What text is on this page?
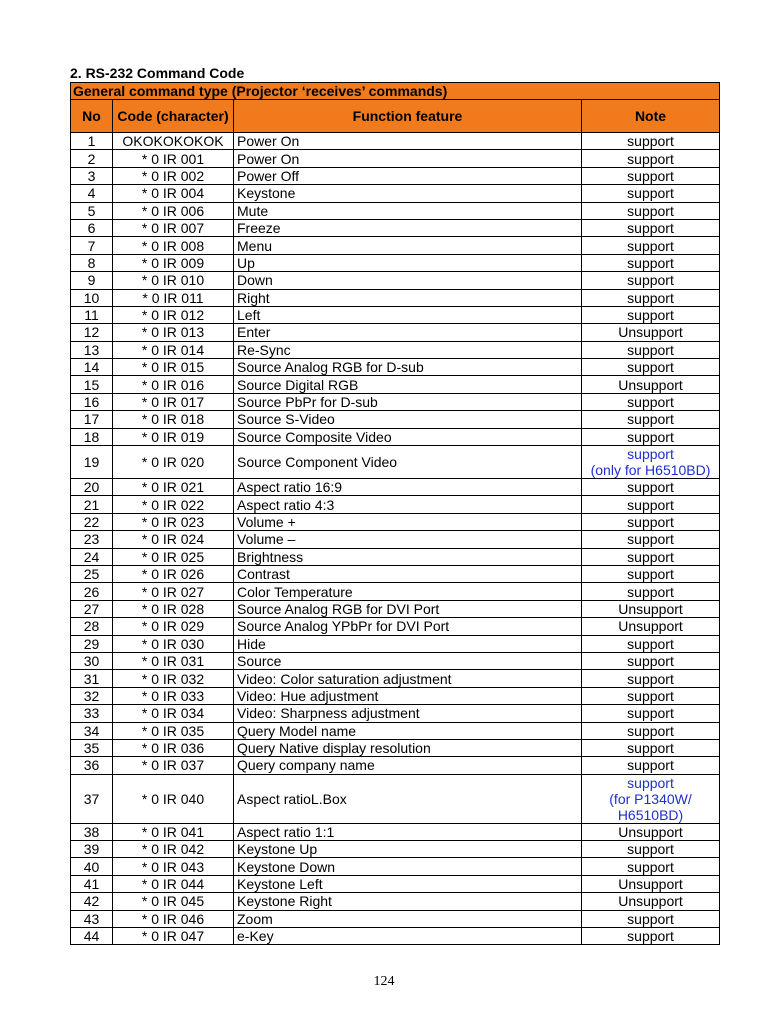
2. RS-232 Command Code
General command type (Projector ‘receives’ commands)			
No	Code (character)	Function feature	Note
1	OKOKOKOKOK	Power On	support
2	* 0 IR 001	Power On	support
3	* 0 IR 002	Power Off	support
4	* 0 IR 004	Keystone	support
5	* 0 IR 006	Mute	support
6	* 0 IR 007	Freeze	support
7	* 0 IR 008	Menu	support
8	* 0 IR 009	Up	support
9	* 0 IR 010	Down	support
10	* 0 IR 011	Right	support
11	* 0 IR 012	Left	support
12	* 0 IR 013	Enter	Unsupport
13	* 0 IR 014	Re-Sync	support
14	* 0 IR 015	Source Analog RGB for D-sub	support
15	* 0 IR 016	Source Digital RGB	Unsupport
16	* 0 IR 017	Source PbPr for D-sub	support
17	* 0 IR 018	Source S-Video	support
18	* 0 IR 019	Source Composite Video	support
19	* 0 IR 020	Source Component Video	support
(only for H6510BD)

20	* 0 IR 021	Aspect ratio 16:9	support
21	* 0 IR 022	Aspect ratio 4:3	support
22	* 0 IR 023	Volume +	support
23	* 0 IR 024	Volume –	support
24	* 0 IR 025	Brightness	support
25	* 0 IR 026	Contrast	support
26	* 0 IR 027	Color Temperature	support
27	* 0 IR 028	Source Analog RGB for DVI Port	Unsupport
28	* 0 IR 029	Source Analog YPbPr for DVI Port	Unsupport
29	* 0 IR 030	Hide	support
30	* 0 IR 031	Source	support
31	* 0 IR 032	Video: Color saturation adjustment	support
32	* 0 IR 033	Video: Hue adjustment	support
33	* 0 IR 034	Video: Sharpness adjustment	support
34	* 0 IR 035	Query Model name	support
35	* 0 IR 036	Query Native display resolution	support
36	* 0 IR 037	Query company name	support
37	* 0 IR 040	Aspect ratioL.Box	support
(for P1340W/
H6510BD)

38	* 0 IR 041	Aspect ratio 1:1	Unsupport
39	* 0 IR 042	Keystone Up	support
40	* 0 IR 043	Keystone Down	support
41	* 0 IR 044	Keystone Left	Unsupport
42	* 0 IR 045	Keystone Right	Unsupport
43	* 0 IR 046	Zoom	support
44	* 0 IR 047	e-Key	support
124
